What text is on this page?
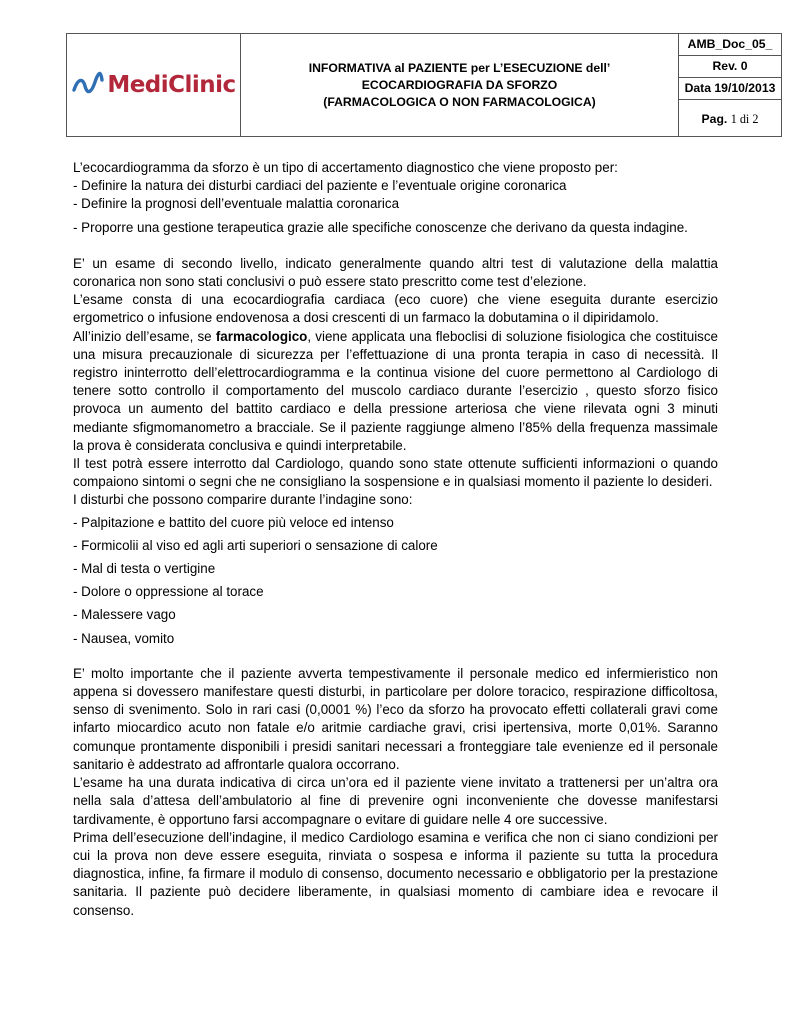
MediClinic

INFORMATIVA al PAZIENTE per L’ESECUZIONE dell’
ECOCARDIOGRAFIA DA SFORZO
(FARMACOLOGICA O NON FARMACOLOGICA)

AMB_Doc_05_
Rev. 0
Data 19/10/2013
Pag. 1 di 2

L’ecocardiogramma da sforzo è un tipo di accertamento diagnostico che viene proposto per:

- Definire la natura dei disturbi cardiaci del paziente e l’eventuale origine coronarica

- Definire la prognosi dell’eventuale malattia coronarica

- Proporre una gestione terapeutica grazie alle specifiche conoscenze che derivano da questa indagine.

E’ un esame di secondo livello, indicato generalmente quando altri test di valutazione della malattia coronarica non sono stati conclusivi o può essere stato prescritto come test d’elezione.

L’esame consta di una ecocardiografia cardiaca (eco cuore) che viene eseguita durante esercizio ergometrico o infusione endovenosa a dosi crescenti di un farmaco la dobutamina o il dipiridamolo.

All’inizio dell’esame, se farmacologico, viene applicata una fleboclisi di soluzione fisiologica che costituisce una misura precauzionale di sicurezza per l’effettuazione di una pronta terapia in caso di necessità. Il registro ininterrotto dell’elettrocardiogramma e la continua visione del cuore permettono al Cardiologo di tenere sotto controllo il comportamento del muscolo cardiaco durante l’esercizio , questo sforzo fisico provoca un aumento del battito cardiaco e della pressione arteriosa che viene rilevata ogni 3 minuti mediante sfigmomanometro a bracciale. Se il paziente raggiunge almeno l’85% della frequenza massimale la prova è considerata conclusiva e quindi interpretabile.

Il test potrà essere interrotto dal Cardiologo, quando sono state ottenute sufficienti informazioni o quando compaiono sintomi o segni che ne consigliano la sospensione e in qualsiasi momento il paziente lo desideri.

I disturbi che possono comparire durante l’indagine sono:

- Palpitazione e battito del cuore più veloce ed intenso

- Formicolii al viso ed agli arti superiori o sensazione di calore

- Mal di testa o vertigine

- Dolore o oppressione al torace

- Malessere vago

- Nausea, vomito

E’ molto importante che il paziente avverta tempestivamente il personale medico ed infermieristico non appena si dovessero manifestare questi disturbi, in particolare per dolore toracico, respirazione difficoltosa, senso di svenimento. Solo in rari casi (0,0001 %) l’eco da sforzo ha provocato effetti collaterali gravi come infarto miocardico acuto non fatale e/o aritmie cardiache gravi, crisi ipertensiva, morte 0,01%. Saranno comunque prontamente disponibili i presidi sanitari necessari a fronteggiare tale evenienze ed il personale sanitario è addestrato ad affrontarle qualora occorrano.

L’esame ha una durata indicativa di circa un’ora ed il paziente viene invitato a trattenersi per un’altra ora nella sala d’attesa dell’ambulatorio al fine di prevenire ogni inconveniente che dovesse manifestarsi tardivamente, è opportuno farsi accompagnare o evitare di guidare nelle 4 ore successive.

Prima dell’esecuzione dell’indagine, il medico Cardiologo esamina e verifica che non ci siano condizioni per cui la prova non deve essere eseguita, rinviata o sospesa e informa il paziente su tutta la procedura diagnostica, infine, fa firmare il modulo di consenso, documento necessario e obbligatorio per la prestazione sanitaria. Il paziente può decidere liberamente, in qualsiasi momento di cambiare idea e revocare il consenso.
